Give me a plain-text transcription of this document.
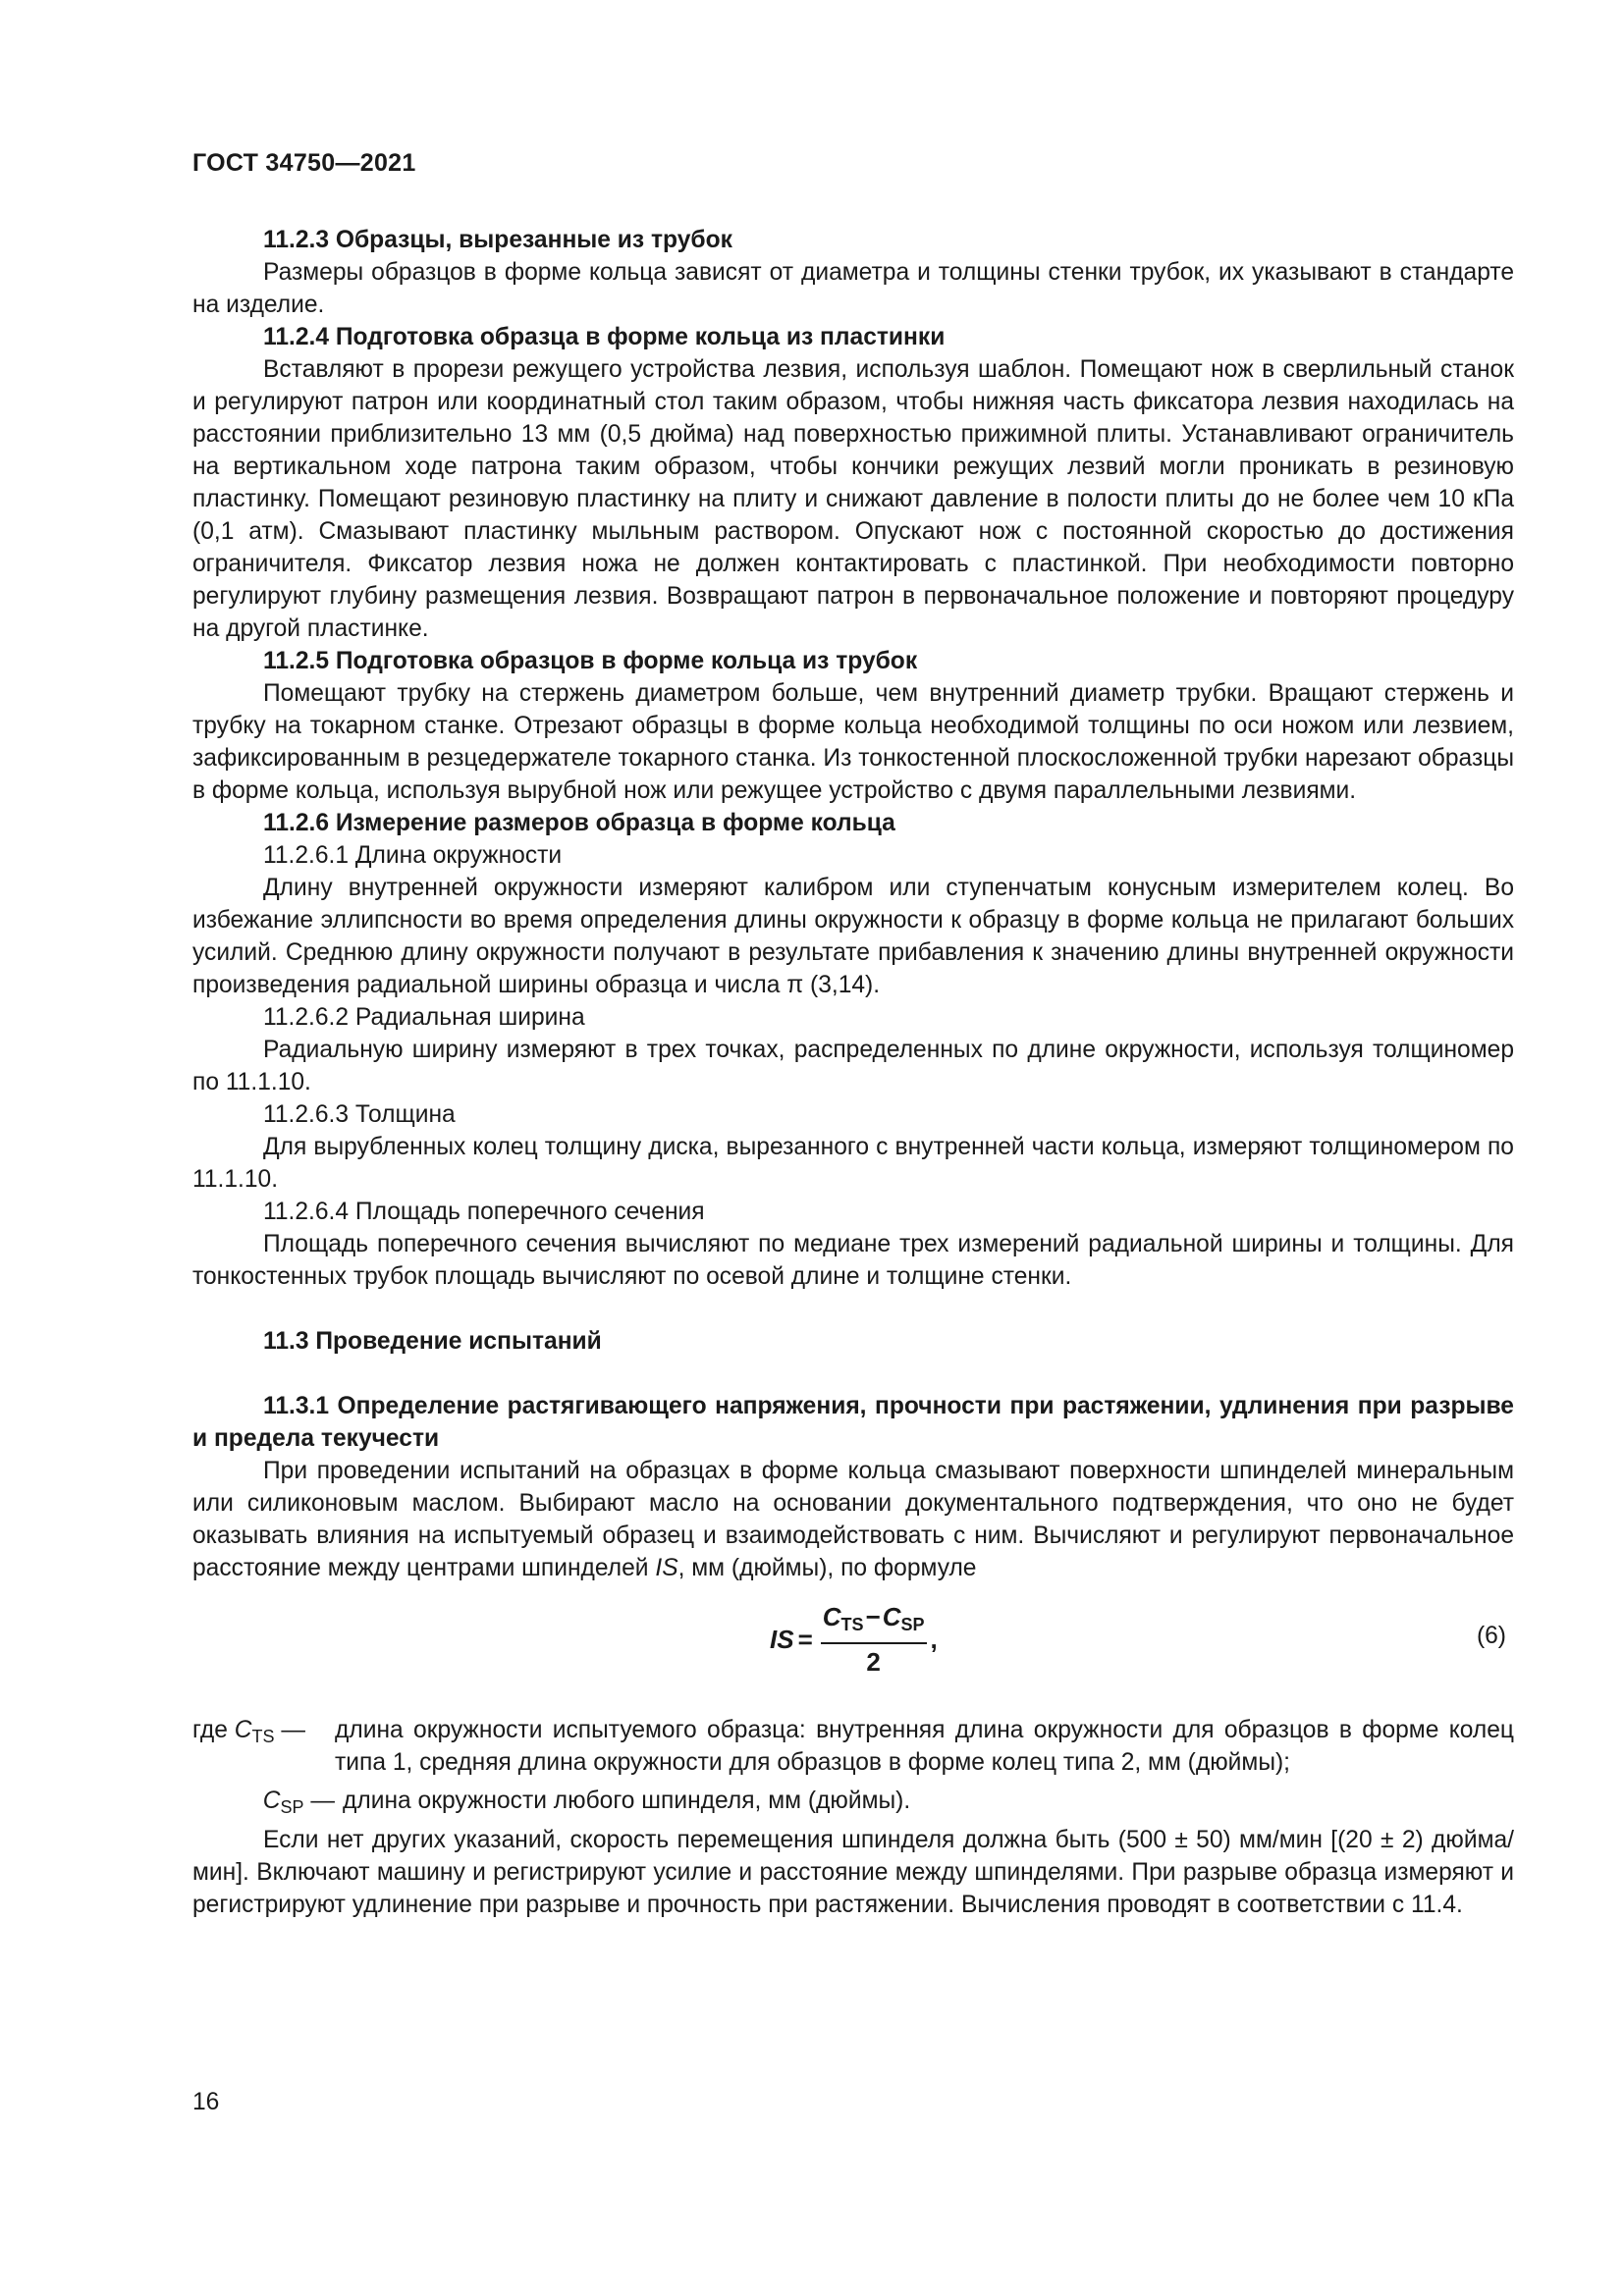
ГОСТ 34750—2021

11.2.3 Образцы, вырезанные из трубок

Размеры образцов в форме кольца зависят от диаметра и толщины стенки трубок, их указывают в стандарте на изделие.

11.2.4 Подготовка образца в форме кольца из пластинки

Вставляют в прорези режущего устройства лезвия, используя шаблон. Помещают нож в сверлильный станок и регулируют патрон или координатный стол таким образом, чтобы нижняя часть фиксатора лезвия находилась на расстоянии приблизительно 13 мм (0,5 дюйма) над поверхностью прижимной плиты. Устанавливают ограничитель на вертикальном ходе патрона таким образом, чтобы кончики режущих лезвий могли проникать в резиновую пластинку. Помещают резиновую пластинку на плиту и снижают давление в полости плиты до не более чем 10 кПа (0,1 атм). Смазывают пластинку мыльным раствором. Опускают нож с постоянной скоростью до достижения ограничителя. Фиксатор лезвия ножа не должен контактировать с пластинкой. При необходимости повторно регулируют глубину размещения лезвия. Возвращают патрон в первоначальное положение и повторяют процедуру на другой пластинке.

11.2.5 Подготовка образцов в форме кольца из трубок

Помещают трубку на стержень диаметром больше, чем внутренний диаметр трубки. Вращают стержень и трубку на токарном станке. Отрезают образцы в форме кольца необходимой толщины по оси ножом или лезвием, зафиксированным в резцедержателе токарного станка. Из тонкостенной плоскосложенной трубки нарезают образцы в форме кольца, используя вырубной нож или режущее устройство с двумя параллельными лезвиями.

11.2.6 Измерение размеров образца в форме кольца

11.2.6.1 Длина окружности

Длину внутренней окружности измеряют калибром или ступенчатым конусным измерителем колец. Во избежание эллипсности во время определения длины окружности к образцу в форме кольца не прилагают больших усилий. Среднюю длину окружности получают в результате прибавления к значению длины внутренней окружности произведения радиальной ширины образца и числа π (3,14).

11.2.6.2 Радиальная ширина

Радиальную ширину измеряют в трех точках, распределенных по длине окружности, используя толщиномер по 11.1.10.

11.2.6.3 Толщина

Для вырубленных колец толщину диска, вырезанного с внутренней части кольца, измеряют толщиномером по 11.1.10.

11.2.6.4 Площадь поперечного сечения

Площадь поперечного сечения вычисляют по медиане трех измерений радиальной ширины и толщины. Для тонкостенных трубок площадь вычисляют по осевой длине и толщине стенки.

11.3 Проведение испытаний

11.3.1 Определение растягивающего напряжения, прочности при растяжении, удлинения при разрыве и предела текучести

При проведении испытаний на образцах в форме кольца смазывают поверхности шпинделей минеральным или силиконовым маслом. Выбирают масло на основании документального подтверждения, что оно не будет оказывать влияния на испытуемый образец и взаимодействовать с ним. Вычисляют и регулируют первоначальное расстояние между центрами шпинделей IS, мм (дюймы), по формуле

IS = $\frac{C_{TS}-C_{SP}}{2}$ ,	(6)
где $C_{TS}$ —	длина окружности испытуемого образца: внутренняя длина окружности для образцов в форме колец типа 1, средняя длина окружности для образцов в форме колец типа 2, мм (дюймы);
$C_{SP}$ — длина окружности любого шпинделя, мм (дюймы).

Если нет других указаний, скорость перемещения шпинделя должна быть (500 ± 50) мм/мин [(20 ± 2) дюйма/мин]. Включают машину и регистрируют усилие и расстояние между шпинделями. При разрыве образца измеряют и регистрируют удлинение при разрыве и прочность при растяжении. Вычисления проводят в соответствии с 11.4.

16
